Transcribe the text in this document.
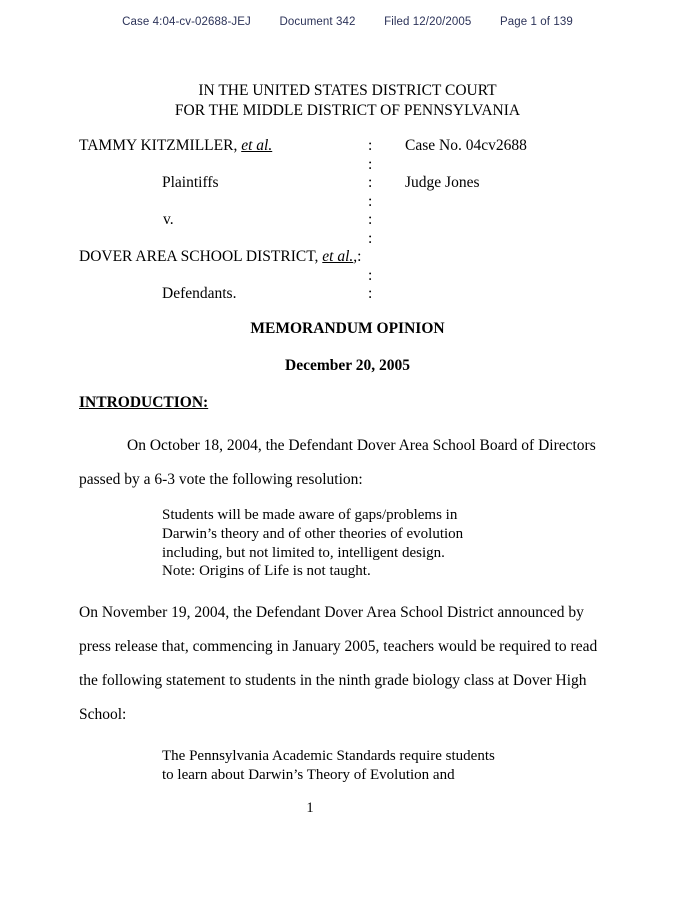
Case 4:04-cv-02688-JEJ Document 342 Filed 12/20/2005 Page 1 of 139
IN THE UNITED STATES DISTRICT COURT
FOR THE MIDDLE DISTRICT OF PENNSYLVANIA
TAMMY KITZMILLER, et al.	: Case No. 04cv2688
:
Plaintiffs	: Judge Jones
:
v.	:
:
DOVER AREA SCHOOL DISTRICT, et al.,:
:
Defendants.	:
MEMORANDUM OPINION
December 20, 2005
INTRODUCTION:
On October 18, 2004, the Defendant Dover Area School Board of Directors passed by a 6-3 vote the following resolution:
Students will be made aware of gaps/problems in
Darwin’s theory and of other theories of evolution
including, but not limited to, intelligent design.
Note: Origins of Life is not taught.
On November 19, 2004, the Defendant Dover Area School District announced by press release that, commencing in January 2005, teachers would be required to read the following statement to students in the ninth grade biology class at Dover High School:
The Pennsylvania Academic Standards require students
to learn about Darwin’s Theory of Evolution and
1
